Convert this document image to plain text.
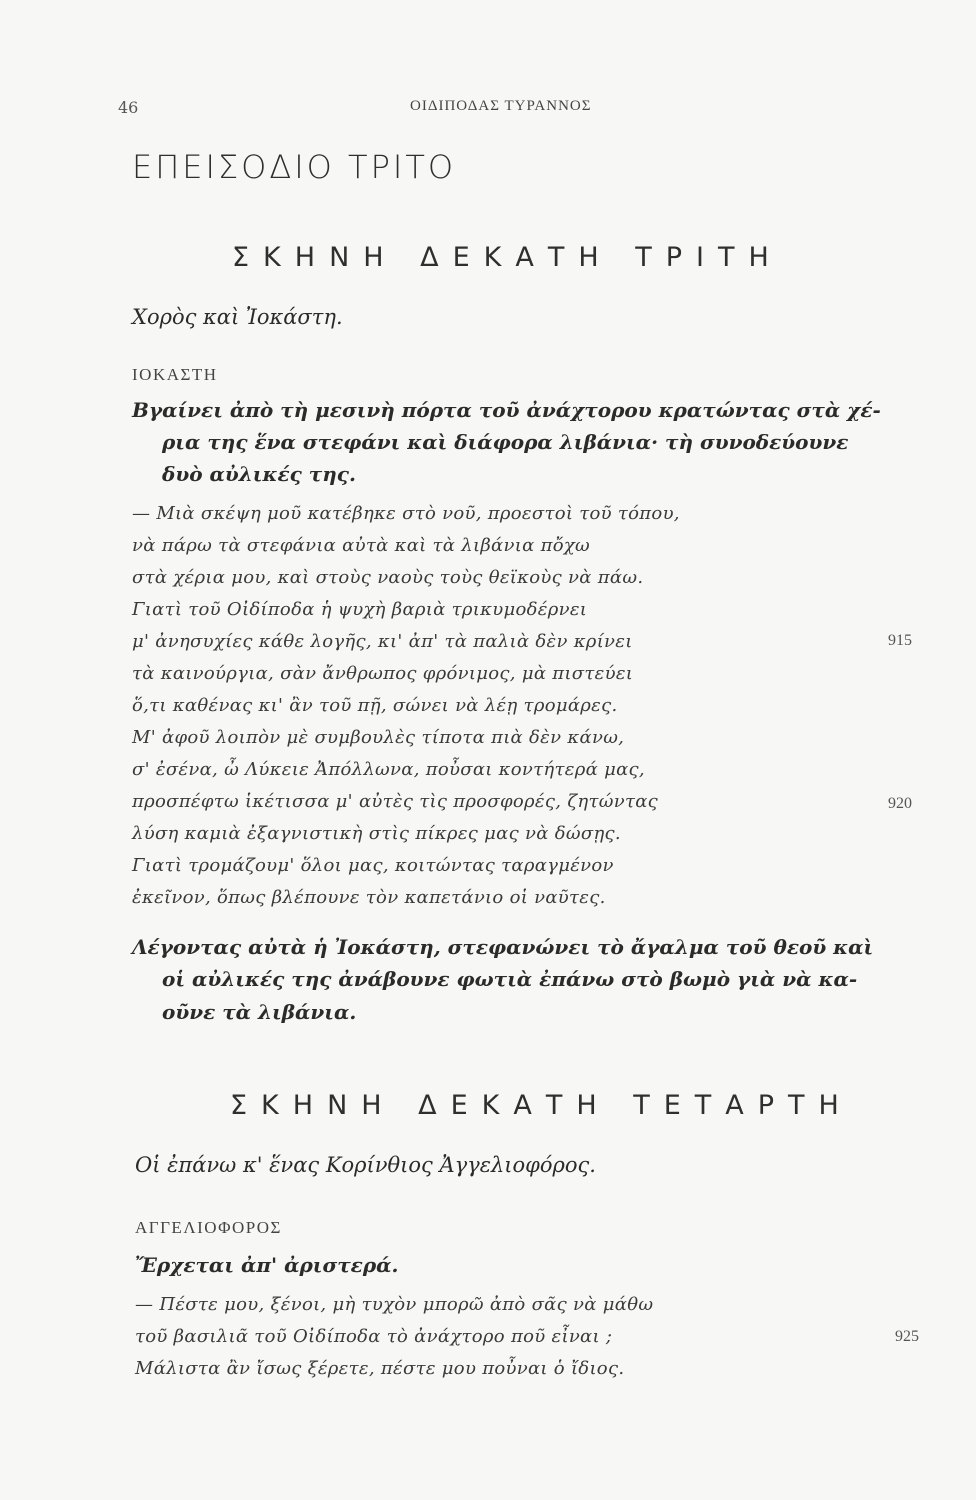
46	ΟΙΔΙΠΟΔΑΣ ΤΥΡΑΝΝΟΣ
ΕΠΕΙΣΟΔΙΟ ΤΡΙΤΟ
ΣΚΗΝΗ ΔΕΚΑΤΗ ΤΡΙΤΗ
Χορὸς καὶ Ἰοκάστη.
ΙΟΚΑΣΤΗ
Βγαίνει ἀπὸ τὴ μεσινὴ πόρτα τοῦ ἀνάχτορου κρατώντας στὰ χέ-
ρια της ἕνα στεφάνι καὶ διάφορα λιβάνια· τὴ συνοδεύουνε
δυὸ αὐλικές της.
— Μιὰ σκέψη μοῦ κατέβηκε στὸ νοῦ, προεστοὶ τοῦ τόπου,
νὰ πάρω τὰ στεφάνια αὐτὰ καὶ τὰ λιβάνια πὄχω
στὰ χέρια μου, καὶ στοὺς ναοὺς τοὺς θεϊκοὺς νὰ πάω.
Γιατὶ τοῦ Οἰδίποδα ἡ ψυχὴ βαριὰ τρικυμοδέρνει
μ' ἀνησυχίες κάθε λογῆς, κι' ἀπ' τὰ παλιὰ δὲν κρίνει
τὰ καινούργια, σὰν ἄνθρωπος φρόνιμος, μὰ πιστεύει
ὅ,τι καθένας κι' ἂν τοῦ πῇ, σώνει νὰ λέῃ τρομάρες.
Μ' ἀφοῦ λοιπὸν μὲ συμβουλὲς τίποτα πιὰ δὲν κάνω,
σ' ἐσένα, ὦ Λύκειε Ἀπόλλωνα, ποὖσαι κοντήτερά μας,
προσπέφτω ἱκέτισσα μ' αὐτὲς τὶς προσφορές, ζητώντας
λύση καμιὰ ἐξαγνιστικὴ στὶς πίκρες μας νὰ δώσῃς.
Γιατὶ τρομάζουμ' ὅλοι μας, κοιτώντας ταραγμένον
ἐκεῖνον, ὅπως βλέπουνε τὸν καπετάνιο οἱ ναῦτες.
915
920
Λέγοντας αὐτὰ ἡ Ἰοκάστη, στεφανώνει τὸ ἄγαλμα τοῦ θεοῦ καὶ
οἱ αὐλικές της ἀνάβουνε φωτιὰ ἐπάνω στὸ βωμὸ γιὰ νὰ κα-
οῦνε τὰ λιβάνια.
ΣΚΗΝΗ ΔΕΚΑΤΗ ΤΕΤΑΡΤΗ
Οἱ ἐπάνω κ' ἕνας Κορίνθιος Ἀγγελιοφόρος.
ΑΓΓΕΛΙΟΦΟΡΟΣ
Ἔρχεται ἀπ' ἀριστερά.
— Πέστε μου, ξένοι, μὴ τυχὸν μπορῶ ἀπὸ σᾶς νὰ μάθω
τοῦ βασιλιᾶ τοῦ Οἰδίποδα τὸ ἀνάχτορο ποῦ εἶναι ;
Μάλιστα ἂν ἴσως ξέρετε, πέστε μου ποὖναι ὁ ἴδιος.
925
